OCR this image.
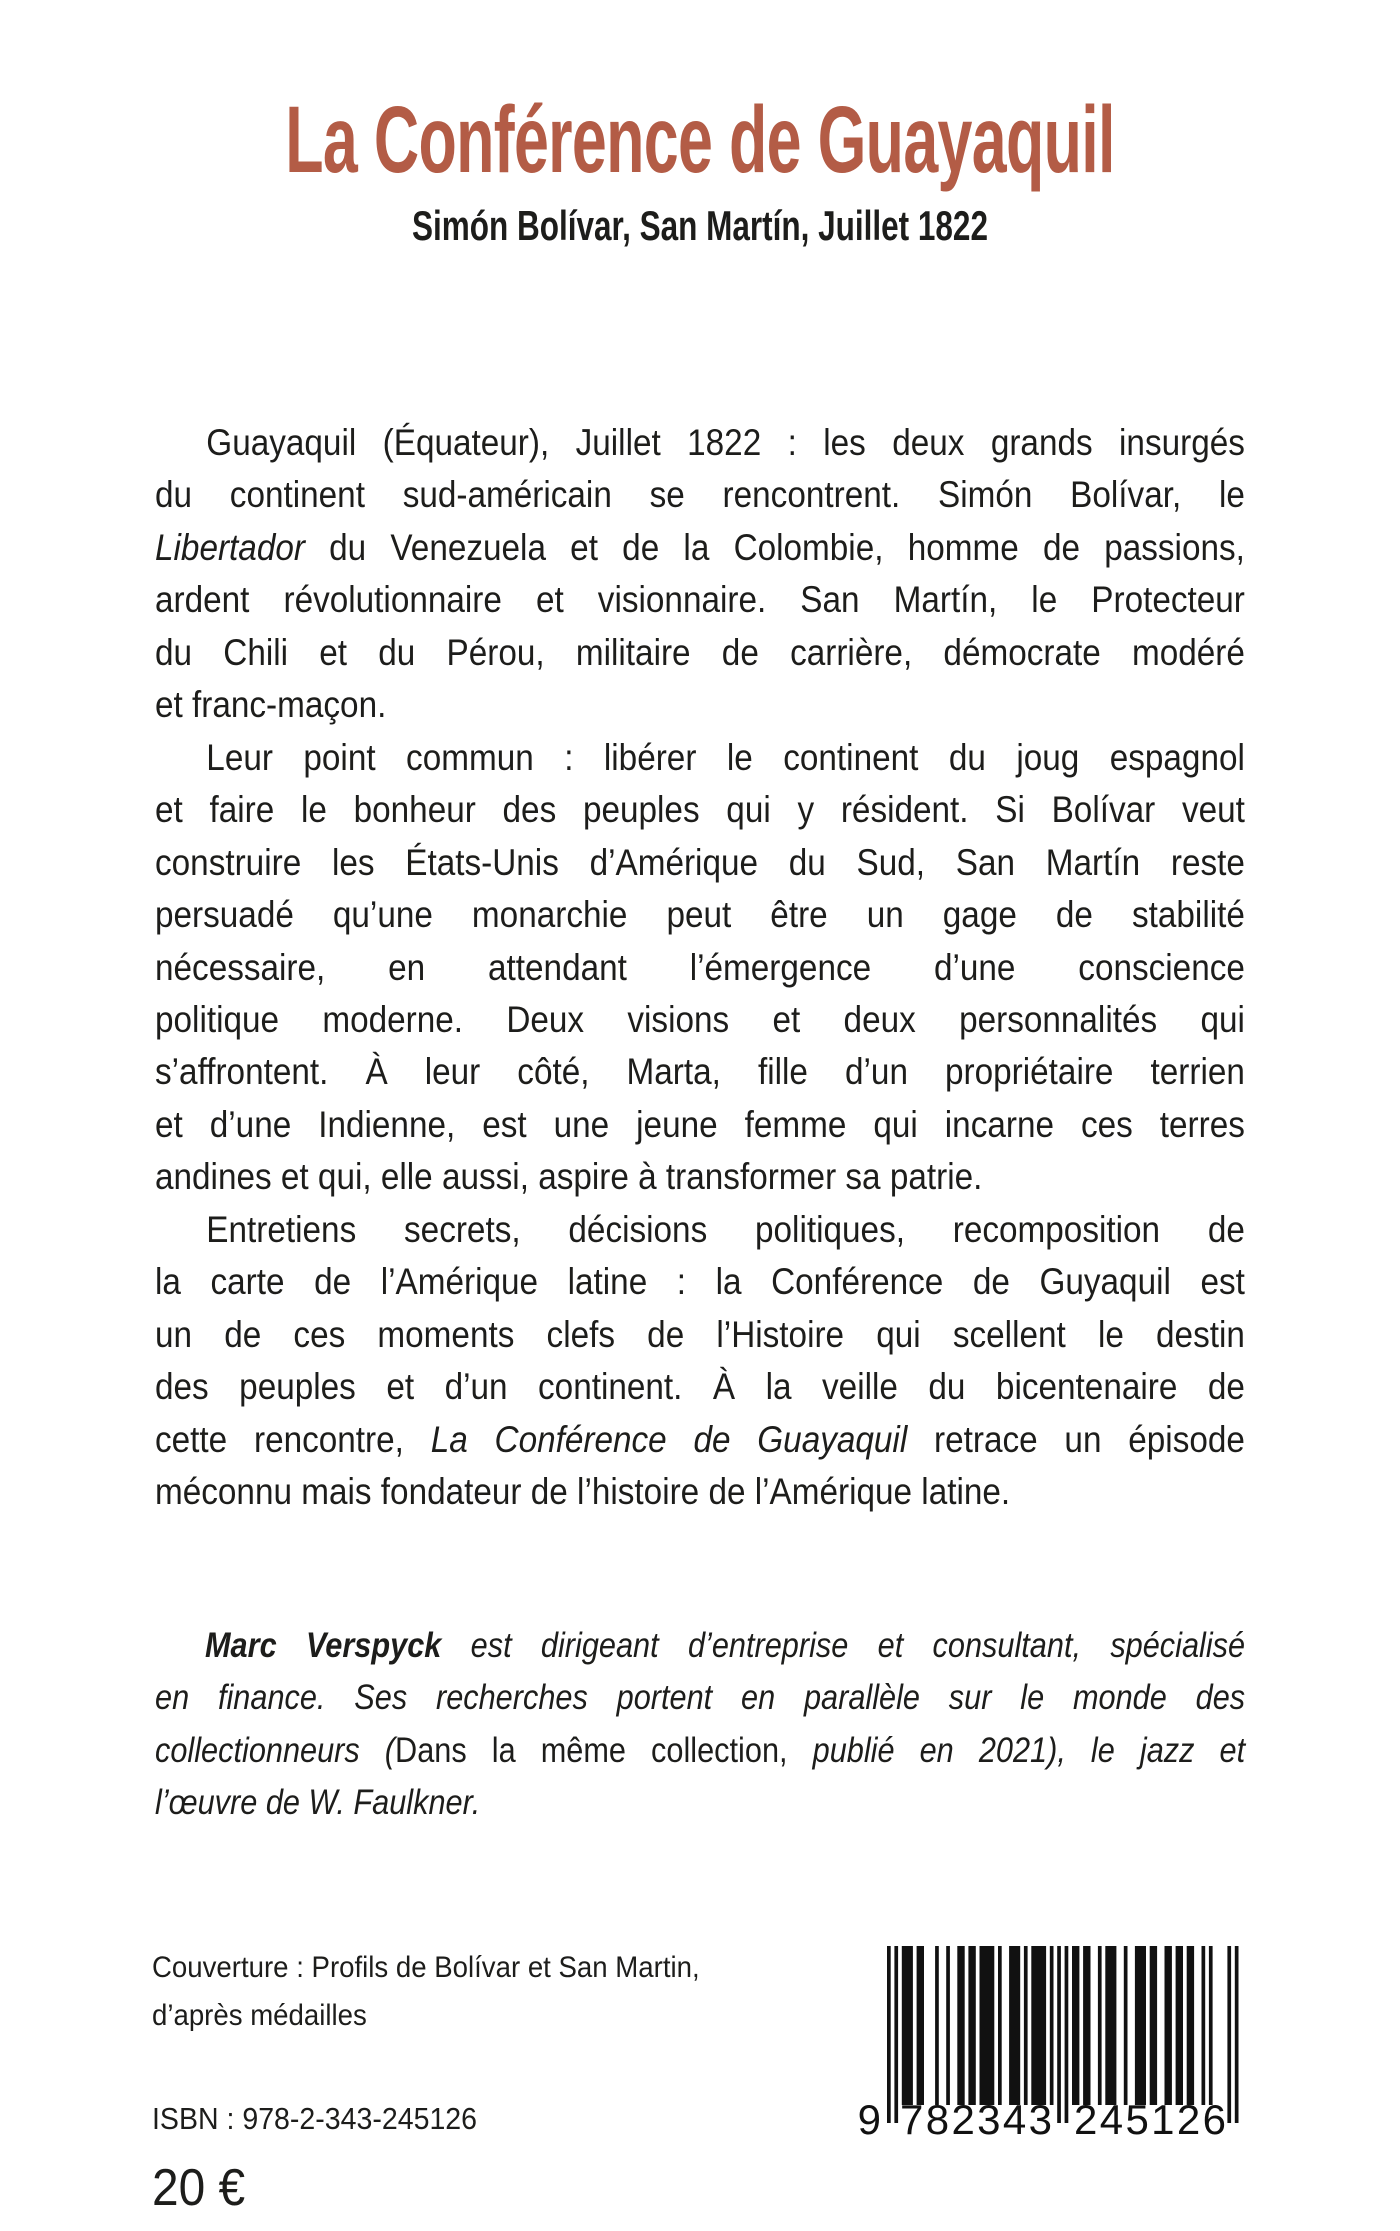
La Conférence de Guayaquil
Simón Bolívar, San Martín, Juillet 1822
Guayaquil (Équateur), Juillet 1822 : les deux grands insurgés
du continent sud-américain se rencontrent. Simón Bolívar, le
Libertador du Venezuela et de la Colombie, homme de passions,
ardent révolutionnaire et visionnaire. San Martín, le Protecteur
du Chili et du Pérou, militaire de carrière, démocrate modéré
et franc-maçon.
Leur point commun : libérer le continent du joug espagnol
et faire le bonheur des peuples qui y résident. Si Bolívar veut
construire les États-Unis d’Amérique du Sud, San Martín reste
persuadé qu’une monarchie peut être un gage de stabilité
nécessaire, en attendant l’émergence d’une conscience
politique moderne. Deux visions et deux personnalités qui
s’affrontent. À leur côté, Marta, fille d’un propriétaire terrien
et d’une Indienne, est une jeune femme qui incarne ces terres
andines et qui, elle aussi, aspire à transformer sa patrie.
Entretiens secrets, décisions politiques, recomposition de
la carte de l’Amérique latine : la Conférence de Guyaquil est
un de ces moments clefs de l’Histoire qui scellent le destin
des peuples et d’un continent. À la veille du bicentenaire de
cette rencontre, La Conférence de Guayaquil retrace un épisode
méconnu mais fondateur de l’histoire de l’Amérique latine.
Marc Verspyck est dirigeant d’entreprise et consultant, spécialisé
en finance. Ses recherches portent en parallèle sur le monde des
collectionneurs (Dans la même collection, publié en 2021), le jazz et
l’œuvre de W. Faulkner.
Couverture : Profils de Bolívar et San Martin,
d’après médailles
ISBN : 978-2-343-245126
20 €
9 7 8 2 3 4 3 2 4 5 1 2 6
